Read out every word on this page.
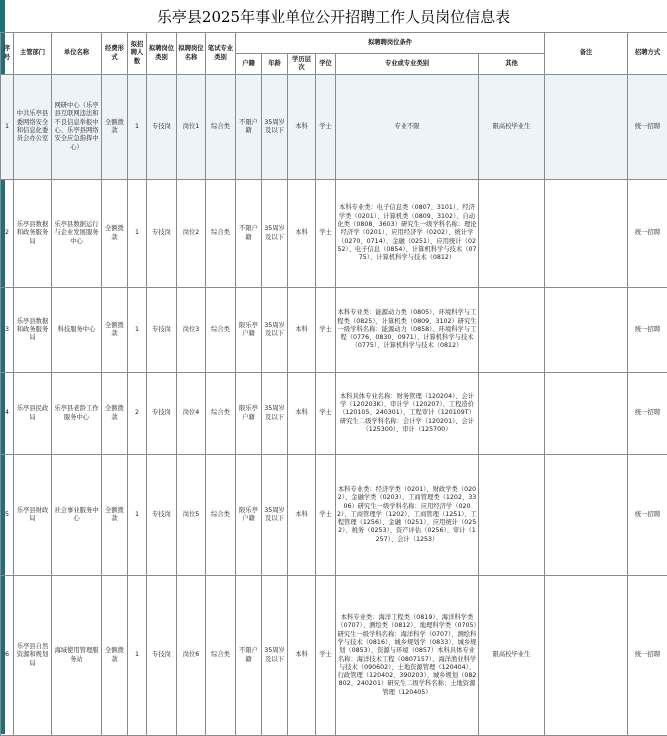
乐亭县2025年事业单位公开招聘工作人员岗位信息表
序号	主管部门	单位名称	经费形式	拟招聘人数	拟聘岗位类别	拟聘岗位名称	笔试专业类别	拟聘聘岗位条件						备注	招聘方式
								户籍	年龄	学历层次	学位	专业或专业类别	其他		
1	中共乐亭县委网络安全和信息化委员会办公室	网研中心（乐亭县互联网违法和不良信息举报中心、乐亭县网络安全应急指挥中心）	全额拨款	1	专技岗	岗位1	综合类	不限户籍	35周岁及以下	本科	学士	专业不限	限高校毕业生		统一招聘
2	乐亭县数据和政务服务局	乐亭县数据运行与企业发展服务中心	全额拨款	1	专技岗	岗位2	综合类	不限户籍	35周岁及以下	本科	学士	本科专业类：电子信息类（0807、3101）、经济学类（0201）、计算机类（0809、3102）、自动化类（0808、3603）研究生一级学科名称：理论经济学（0201）、应用经济学（0202）、统计学（0270、0714）、金融（0251）、应用统计（0252）、电子信息（0854）、计算机科学与技术（0775）、计算机科学与技术（0812）			统一招聘
3	乐亭县数据和政务服务局	科技服务中心	全额拨款	1	专技岗	岗位3	综合类	限乐亭户籍	35周岁及以下	本科	学士	本科专业类：能源动力类（0805）、环境科学与工程类（0825）、计算机类（0809、3102）研究生一级学科名称：能源动力（0858）、环境科学与工程（0776、0830、0971）、计算机科学与技术（0775）、计算机科学与技术（0812）			统一招聘
4	乐亭县民政局	乐亭县老龄工作服务中心	全额拨款	2	专技岗	岗位4	综合类	限乐亭户籍	35周岁及以下	本科	学士	本科具体专业名称：财务管理（120204）、会计学（120203K）、审计学（120207）、工程造价（120105、240301）、工程审计（120109T）研究生二级学科名称：会计学（120201）、会计（125300）、审计（125700）			统一招聘
5	乐亭县财政局	社会事业服务中心	全额拨款	1	专技岗	岗位5	综合类	限乐亭户籍	35周岁及以下	本科	学士	本科专业类：经济学类（0201）、财政学类（0202）、金融学类（0203）、工商管理类（1202、3306）研究生一级学科名称：应用经济学（0202）、工商管理学（1202）、工商管理（1251）、工程管理（1256）、金融（0251）、应用统计（0252）、税务（0253）、资产评估（0256）、审计（1257）、会计（1253）			统一招聘
6	乐亭县自然资源和规划局	海域使用管理服务站	全额拨款	1	专技岗	岗位6	综合类	不限户籍	35周岁及以下	本科	学士	本科专业类：海洋工程类（0819）、海洋科学类（0707）、测绘类（0812）、地理科学类（0705）研究生一级学科名称：海洋科学（0707）、测绘科学与技术（0816）、城乡规划学（0833）、城乡规划（0853）、资源与环境（0857）本科具体专业名称：海洋技术工程（0807157）、海洋渔业科学与技术（090602）、土地资源管理（120404）、行政管理（120402、390203）、城乡规划（082802、240201）研究生二级学科名称：土地资源管理（120405）	限高校毕业生		统一招聘
